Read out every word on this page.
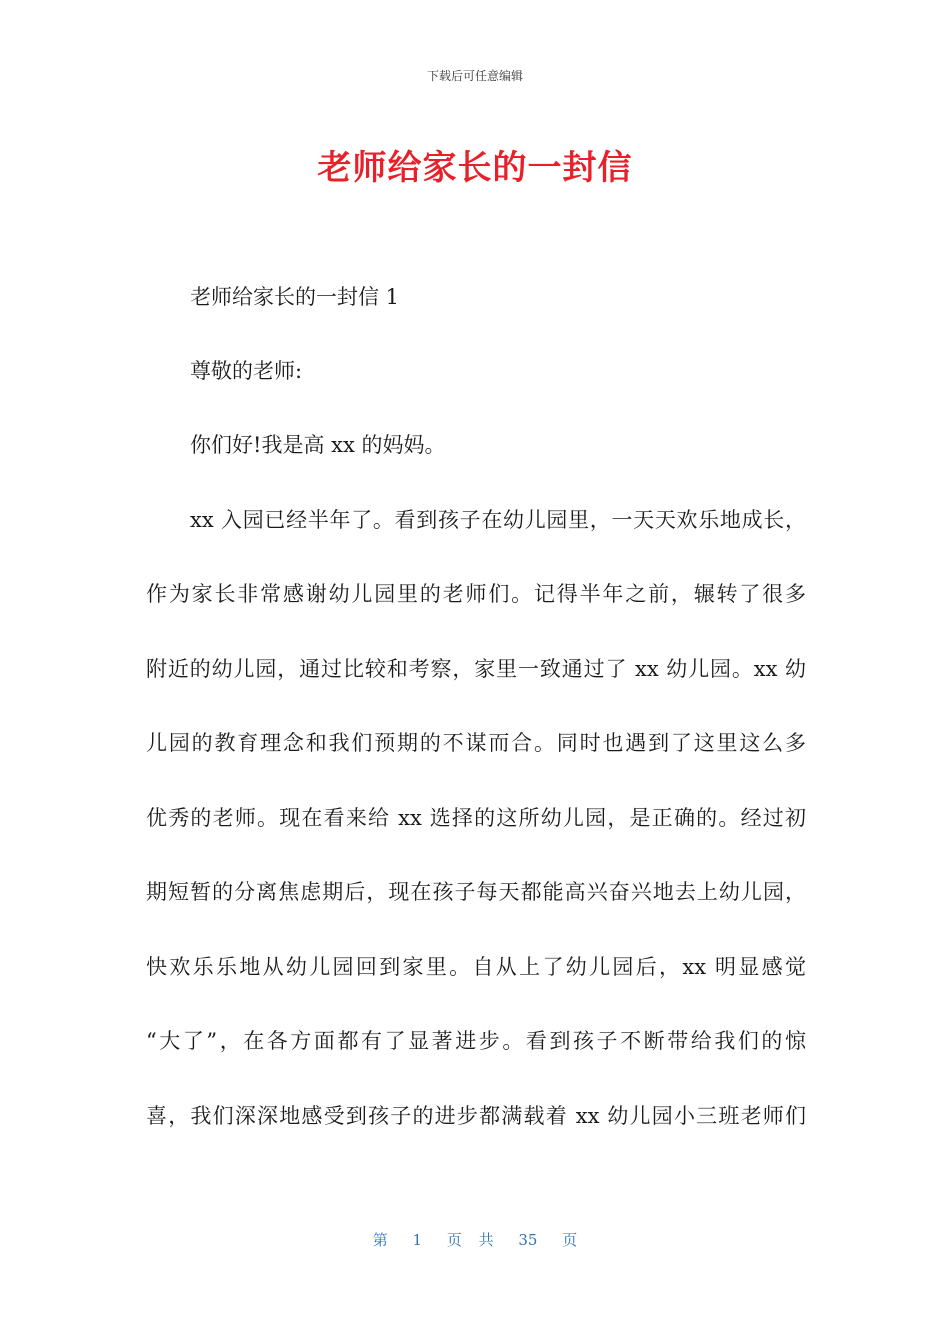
下载后可任意编辑
老师给家长的一封信
老师给家长的一封信 1
尊敬的老师:
你们好!我是高 xx 的妈妈。
xx 入园已经半年了。看到孩子在幼儿园里，一天天欢乐地成长，
作为家长非常感谢幼儿园里的老师们。记得半年之前，辗转了很多
附近的幼儿园，通过比较和考察，家里一致通过了 xx 幼儿园。xx 幼
儿园的教育理念和我们预期的不谋而合。同时也遇到了这里这么多
优秀的老师。现在看来给 xx 选择的这所幼儿园，是正确的。经过初
期短暂的分离焦虑期后，现在孩子每天都能高兴奋兴地去上幼儿园，
快欢乐乐地从幼儿园回到家里。自从上了幼儿园后，xx 明显感觉
“大了”，在各方面都有了显著进步。看到孩子不断带给我们的惊
喜，我们深深地感受到孩子的进步都满载着 xx 幼儿园小三班老师们
第 1 页 共 35 页
